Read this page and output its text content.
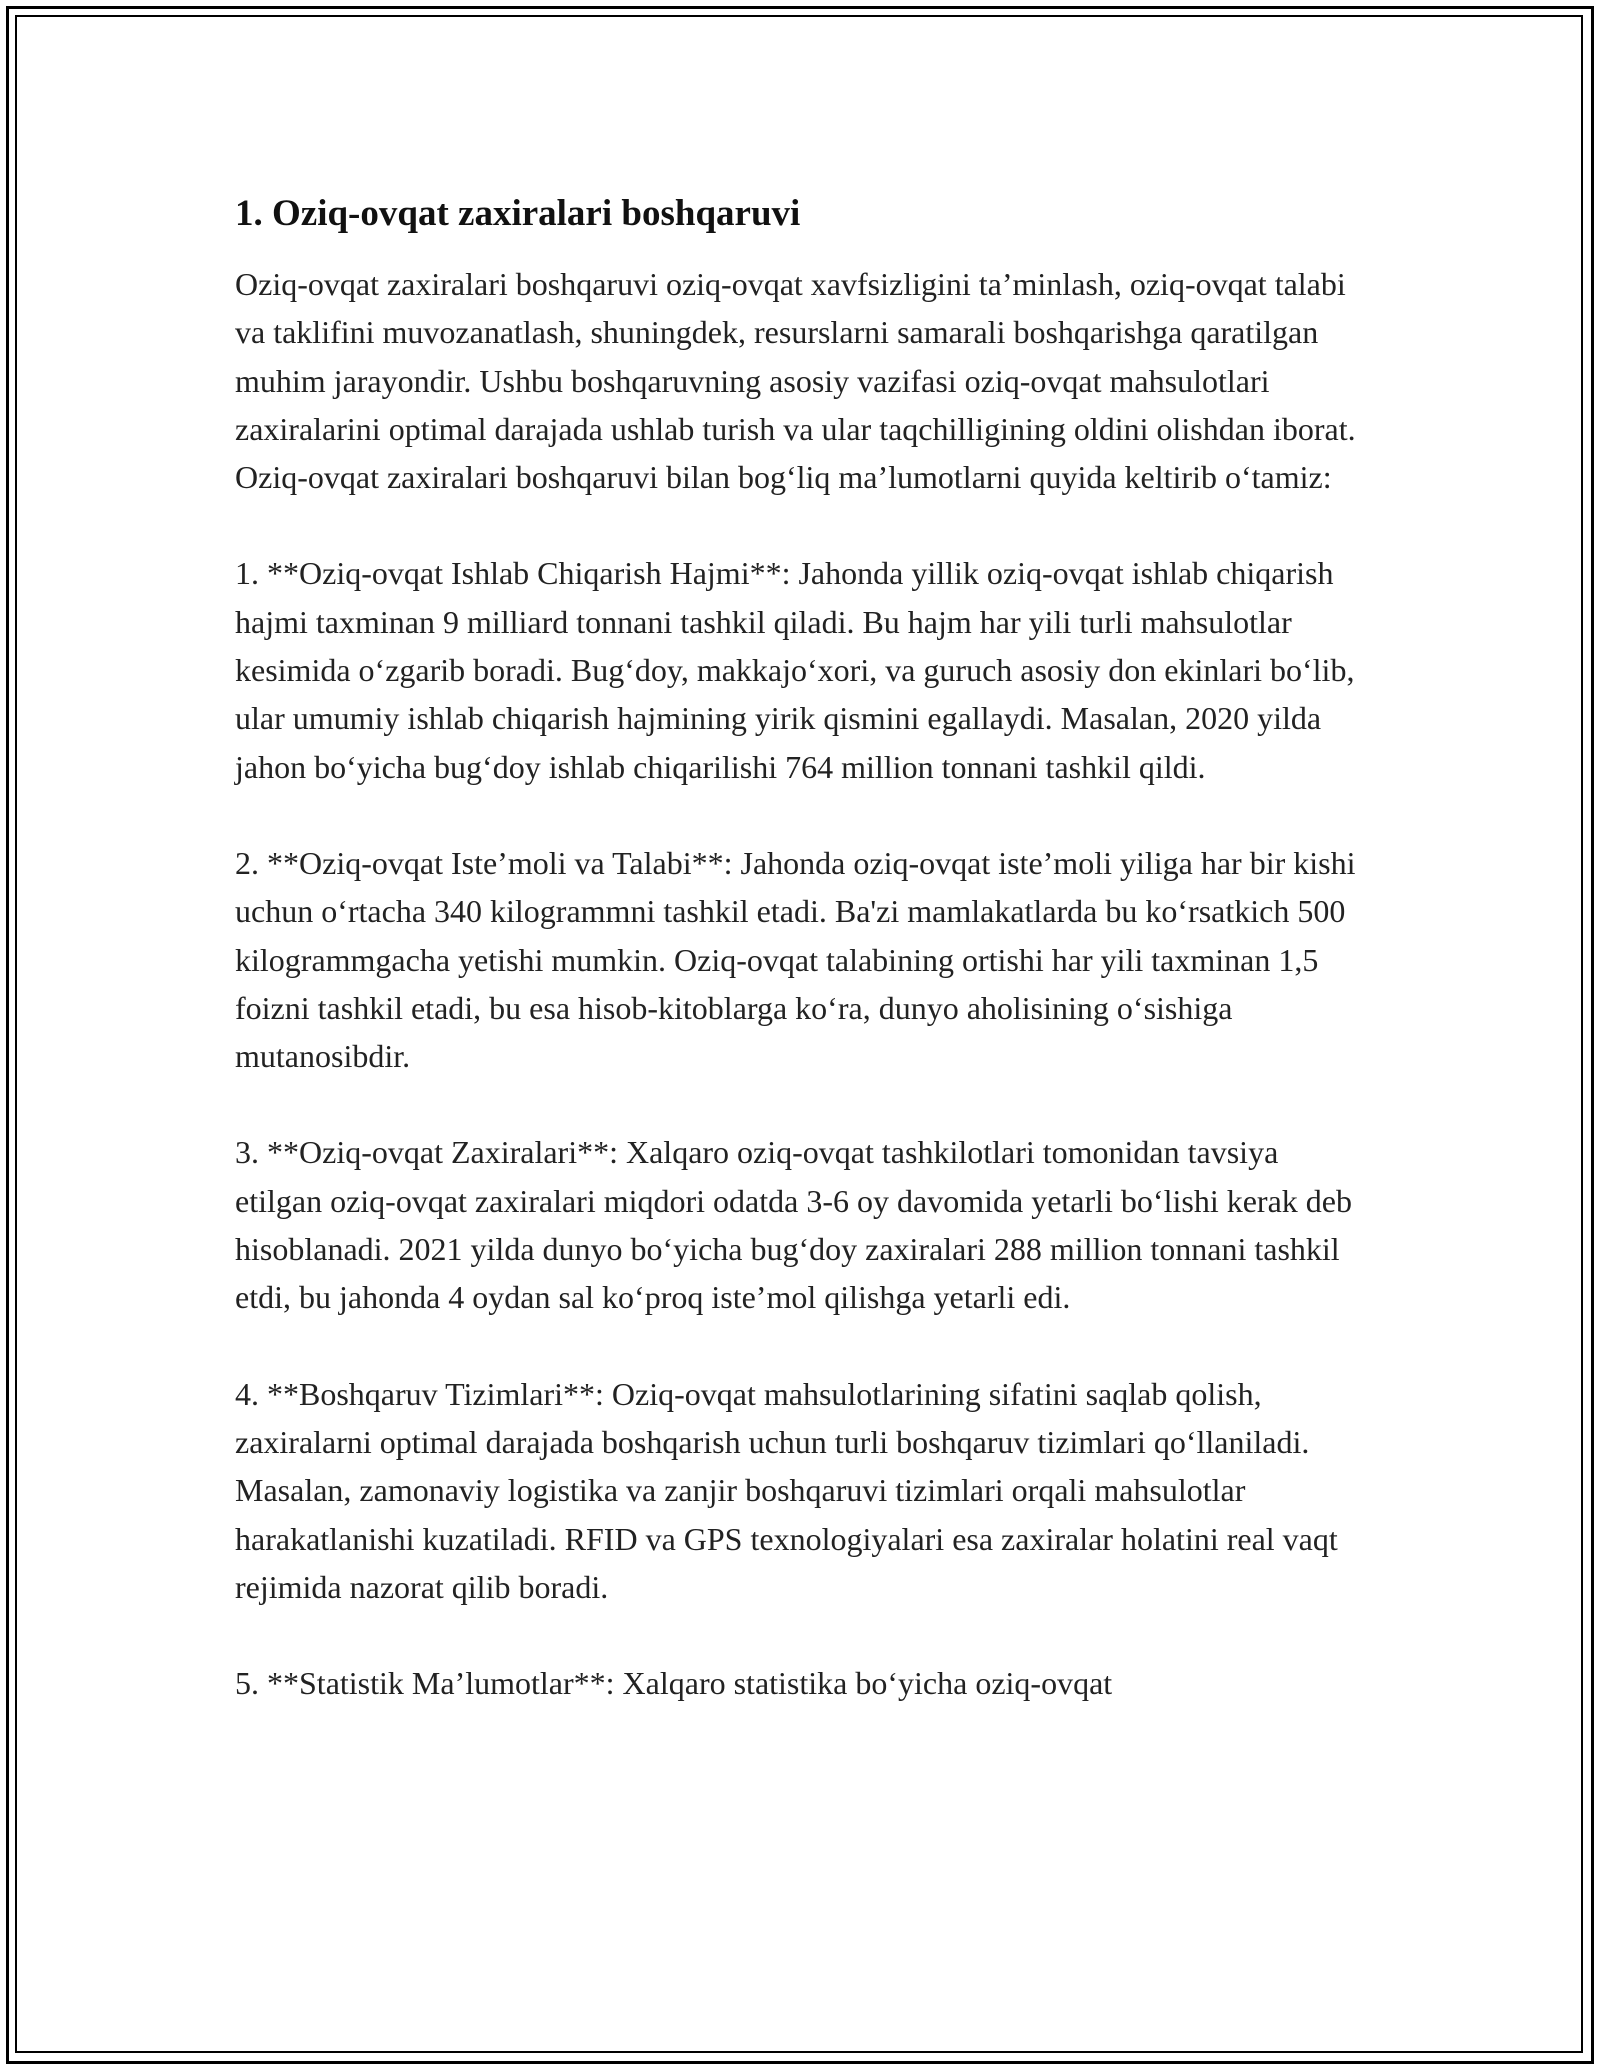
1. Oziq-ovqat zaxiralari boshqaruvi

Oziq-ovqat zaxiralari boshqaruvi oziq-ovqat xavfsizligini ta’minlash, oziq-ovqat talabi va taklifini muvozanatlash, shuningdek, resurslarni samarali boshqarishga qaratilgan muhim jarayondir. Ushbu boshqaruvning asosiy vazifasi oziq-ovqat mahsulotlari zaxiralarini optimal darajada ushlab turish va ular taqchilligining oldini olishdan iborat. Oziq-ovqat zaxiralari boshqaruvi bilan bog‘liq ma’lumotlarni quyida keltirib o‘tamiz:

1. **Oziq-ovqat Ishlab Chiqarish Hajmi**: Jahonda yillik oziq-ovqat ishlab chiqarish hajmi taxminan 9 milliard tonnani tashkil qiladi. Bu hajm har yili turli mahsulotlar kesimida o‘zgarib boradi. Bug‘doy, makkajo‘xori, va guruch asosiy don ekinlari bo‘lib, ular umumiy ishlab chiqarish hajmining yirik qismini egallaydi. Masalan, 2020 yilda jahon bo‘yicha bug‘doy ishlab chiqarilishi 764 million tonnani tashkil qildi.

2. **Oziq-ovqat Iste’moli va Talabi**: Jahonda oziq-ovqat iste’moli yiliga har bir kishi uchun o‘rtacha 340 kilogrammni tashkil etadi. Ba'zi mamlakatlarda bu ko‘rsatkich 500 kilogrammgacha yetishi mumkin. Oziq-ovqat talabining ortishi har yili taxminan 1,5 foizni tashkil etadi, bu esa hisob-kitoblarga ko‘ra, dunyo aholisining o‘sishiga mutanosibdir.

3. **Oziq-ovqat Zaxiralari**: Xalqaro oziq-ovqat tashkilotlari tomonidan tavsiya etilgan oziq-ovqat zaxiralari miqdori odatda 3-6 oy davomida yetarli bo‘lishi kerak deb hisoblanadi. 2021 yilda dunyo bo‘yicha bug‘doy zaxiralari 288 million tonnani tashkil etdi, bu jahonda 4 oydan sal ko‘proq iste’mol qilishga yetarli edi.

4. **Boshqaruv Tizimlari**: Oziq-ovqat mahsulotlarining sifatini saqlab qolish, zaxiralarni optimal darajada boshqarish uchun turli boshqaruv tizimlari qo‘llaniladi. Masalan, zamonaviy logistika va zanjir boshqaruvi tizimlari orqali mahsulotlar harakatlanishi kuzatiladi. RFID va GPS texnologiyalari esa zaxiralar holatini real vaqt rejimida nazorat qilib boradi.

5. **Statistik Ma’lumotlar**: Xalqaro statistika bo‘yicha oziq-ovqat
